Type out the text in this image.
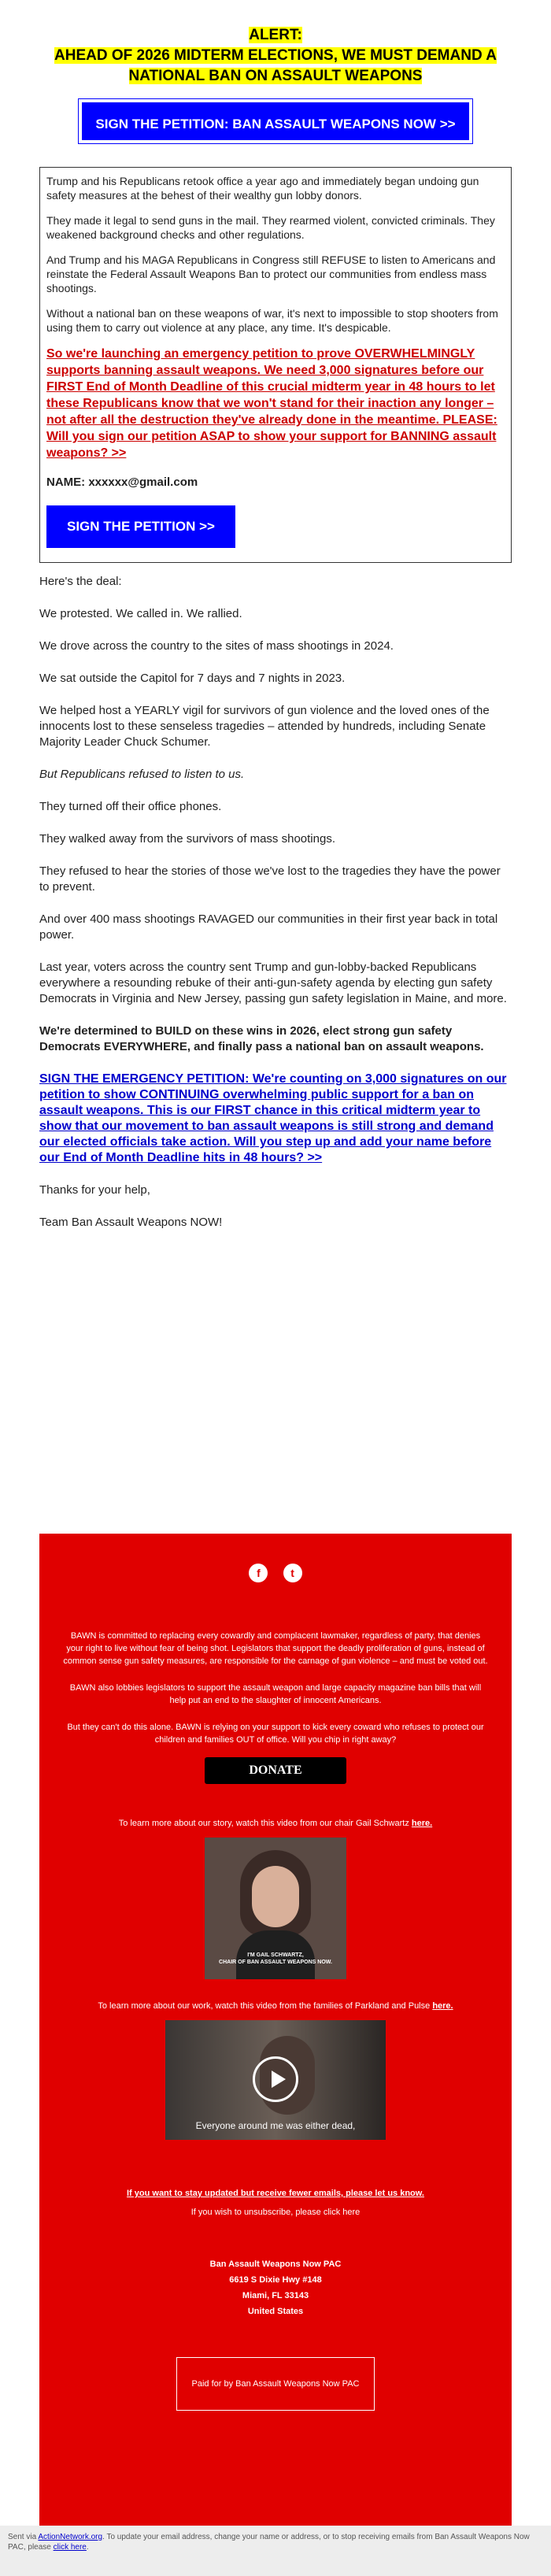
ALERT:
AHEAD OF 2026 MIDTERM ELECTIONS, WE MUST DEMAND A NATIONAL BAN ON ASSAULT WEAPONS
SIGN THE PETITION: BAN ASSAULT WEAPONS NOW >>

Trump and his Republicans retook office a year ago and immediately began undoing gun safety measures at the behest of their wealthy gun lobby donors.

They made it legal to send guns in the mail. They rearmed violent, convicted criminals. They weakened background checks and other regulations.

And Trump and his MAGA Republicans in Congress still REFUSE to listen to Americans and reinstate the Federal Assault Weapons Ban to protect our communities from endless mass shootings.

Without a national ban on these weapons of war, it's next to impossible to stop shooters from using them to carry out violence at any place, any time. It's despicable.

So we're launching an emergency petition to prove OVERWHELMINGLY supports banning assault weapons. We need 3,000 signatures before our FIRST End of Month Deadline of this crucial midterm year in 48 hours to let these Republicans know that we won't stand for their inaction any longer – not after all the destruction they've already done in the meantime. PLEASE: Will you sign our petition ASAP to show your support for BANNING assault weapons? >>

NAME: xxxxxx@gmail.com
SIGN THE PETITION >>

Here's the deal:

We protested. We called in. We rallied.

We drove across the country to the sites of mass shootings in 2024.

We sat outside the Capitol for 7 days and 7 nights in 2023.

We helped host a YEARLY vigil for survivors of gun violence and the loved ones of the innocents lost to these senseless tragedies – attended by hundreds, including Senate Majority Leader Chuck Schumer.

But Republicans refused to listen to us.

They turned off their office phones.

They walked away from the survivors of mass shootings.

They refused to hear the stories of those we've lost to the tragedies they have the power to prevent.

And over 400 mass shootings RAVAGED our communities in their first year back in total power.

Last year, voters across the country sent Trump and gun-lobby-backed Republicans everywhere a resounding rebuke of their anti-gun-safety agenda by electing gun safety Democrats in Virginia and New Jersey, passing gun safety legislation in Maine, and more.

We're determined to BUILD on these wins in 2026, elect strong gun safety Democrats EVERYWHERE, and finally pass a national ban on assault weapons.

SIGN THE EMERGENCY PETITION: We're counting on 3,000 signatures on our petition to show CONTINUING overwhelming public support for a ban on assault weapons. This is our FIRST chance in this critical midterm year to show that our movement to ban assault weapons is still strong and demand our elected officials take action. Will you step up and add your name before our End of Month Deadline hits in 48 hours? >>

Thanks for your help,

Team Ban Assault Weapons NOW!

f	t

BAWN is committed to replacing every cowardly and complacent lawmaker, regardless of party, that denies your right to live without fear of being shot. Legislators that support the deadly proliferation of guns, instead of common sense gun safety measures, are responsible for the carnage of gun violence – and must be voted out.

BAWN also lobbies legislators to support the assault weapon and large capacity magazine ban bills that will help put an end to the slaughter of innocent Americans.

But they can't do this alone. BAWN is relying on your support to kick every coward who refuses to protect our children and families OUT of office. Will you chip in right away?

DONATE

To learn more about our story, watch this video from our chair Gail Schwartz here.

I'M GAIL SCHWARTZ,
CHAIR OF BAN ASSAULT WEAPONS NOW.

To learn more about our work, watch this video from the families of Parkland and Pulse here.

Everyone around me was either dead,

If you want to stay updated but receive fewer emails, please let us know.

If you wish to unsubscribe, please click here

Ban Assault Weapons Now PAC
6619 S Dixie Hwy #148
Miami, FL 33143
United States
Paid for by Ban Assault Weapons Now PAC
Sent via ActionNetwork.org. To update your email address, change your name or address, or to stop receiving emails from Ban Assault Weapons Now PAC, please click here.
